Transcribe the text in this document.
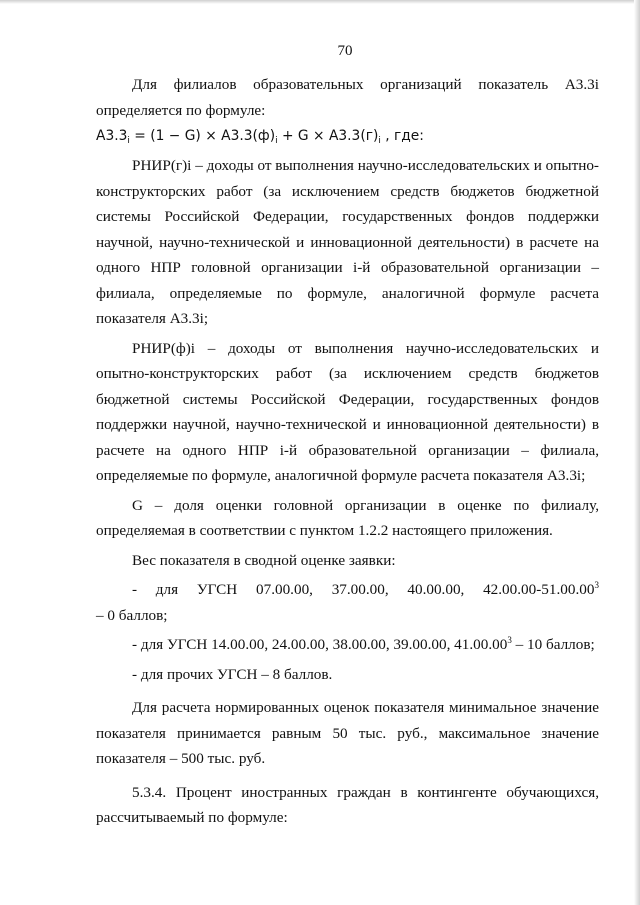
70

Для филиалов образовательных организаций показатель А3.3i определяется по формуле:

$А3.3_i = (1 - G) \times А3.3(ф)_i + G \times А3.3(г)_i$ , где:

РНИР(г)i – доходы от выполнения научно-исследовательских и опытно-конструкторских работ (за исключением средств бюджетов бюджетной системы Российской Федерации, государственных фондов поддержки научной, научно-технической и инновационной деятельности) в расчете на одного НПР головной организации i-й образовательной организации – филиала, определяемые по формуле, аналогичной формуле расчета показателя А3.3i;

РНИР(ф)i – доходы от выполнения научно-исследовательских и опытно-конструкторских работ (за исключением средств бюджетов бюджетной системы Российской Федерации, государственных фондов поддержки научной, научно-технической и инновационной деятельности) в расчете на одного НПР i-й образовательной организации – филиала, определяемые по формуле, аналогичной формуле расчета показателя А3.3i;

G – доля оценки головной организации в оценке по филиалу, определяемая в соответствии с пунктом 1.2.2 настоящего приложения.

Вес показателя в сводной оценке заявки:

- для УГСН 07.00.00, 37.00.00, 40.00.00, 42.00.00-51.00.00$^3$

– 0 баллов;

- для УГСН 14.00.00, 24.00.00, 38.00.00, 39.00.00, 41.00.00$^3$ – 10 баллов;

- для прочих УГСН – 8 баллов.

Для расчета нормированных оценок показателя минимальное значение показателя принимается равным 50 тыс. руб., максимальное значение показателя – 500 тыс. руб.

5.3.4. Процент иностранных граждан в контингенте обучающихся, рассчитываемый по формуле:
